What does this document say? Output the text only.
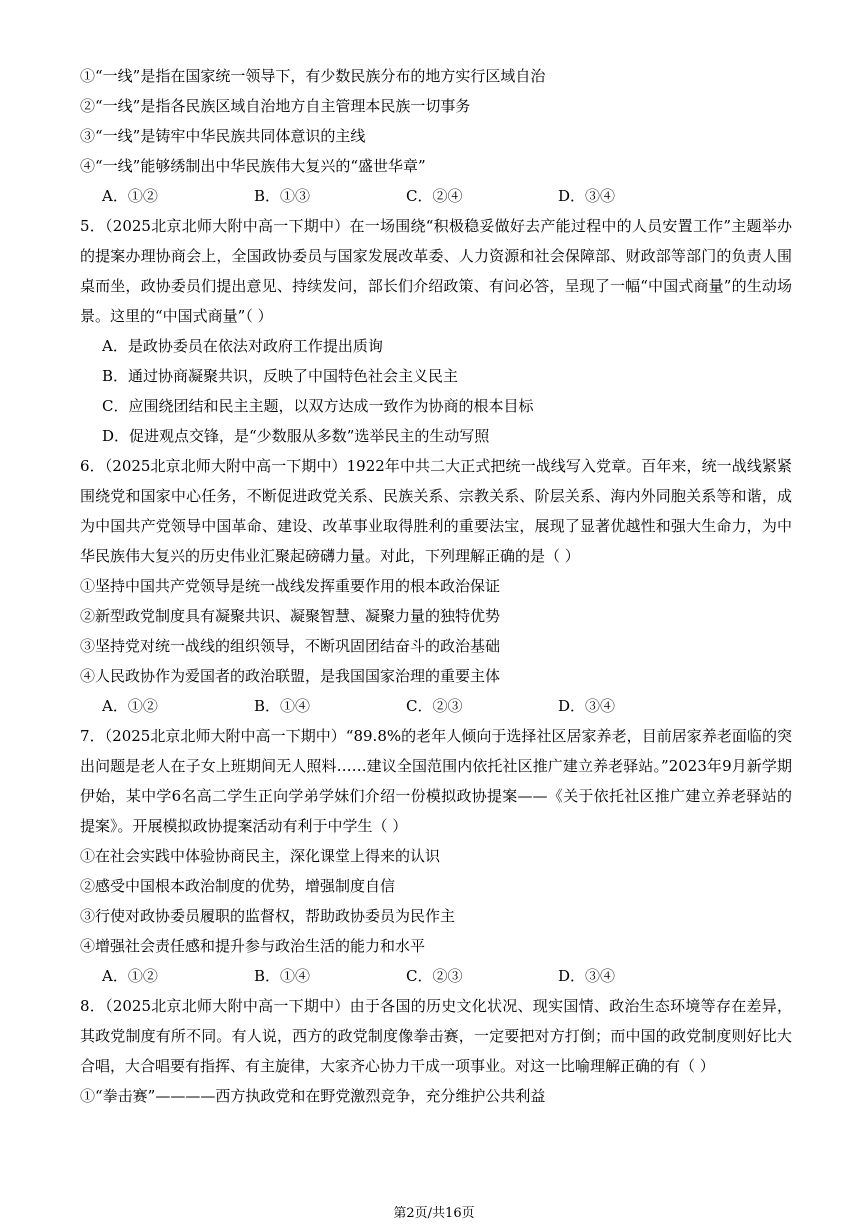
①“一线”是指在国家统一领导下，有少数民族分布的地方实行区域自治
②“一线”是指各民族区域自治地方自主管理本民族一切事务
③“一线”是铸牢中华民族共同体意识的主线
④“一线”能够绣制出中华民族伟大复兴的“盛世华章”
A．①②	B．①③	C．②④	D．③④
5．（2025北京北师大附中高一下期中）在一场围绕“积极稳妥做好去产能过程中的人员安置工作”主题举办的提案办理协商会上，全国政协委员与国家发展改革委、人力资源和社会保障部、财政部等部门的负责人围桌而坐，政协委员们提出意见、持续发问，部长们介绍政策、有问必答，呈现了一幅“中国式商量”的生动场景。这里的“中国式商量”（ ）
A．是政协委员在依法对政府工作提出质询
B．通过协商凝聚共识，反映了中国特色社会主义民主
C．应围绕团结和民主主题，以双方达成一致作为协商的根本目标
D．促进观点交锋，是“少数服从多数”选举民主的生动写照
6．（2025北京北师大附中高一下期中）1922年中共二大正式把统一战线写入党章。百年来，统一战线紧紧围绕党和国家中心任务，不断促进政党关系、民族关系、宗教关系、阶层关系、海内外同胞关系等和谐，成为中国共产党领导中国革命、建设、改革事业取得胜利的重要法宝，展现了显著优越性和强大生命力，为中华民族伟大复兴的历史伟业汇聚起磅礴力量。对此，下列理解正确的是（ ）
①坚持中国共产党领导是统一战线发挥重要作用的根本政治保证
②新型政党制度具有凝聚共识、凝聚智慧、凝聚力量的独特优势
③坚持党对统一战线的组织领导，不断巩固团结奋斗的政治基础
④人民政协作为爱国者的政治联盟，是我国国家治理的重要主体
A．①②	B．①④	C．②③	D．③④
7．（2025北京北师大附中高一下期中）“89.8%的老年人倾向于选择社区居家养老，目前居家养老面临的突出问题是老人在子女上班期间无人照料……建议全国范围内依托社区推广建立养老驿站。”2023年9月新学期伊始，某中学6名高二学生正向学弟学妹们介绍一份模拟政协提案——《关于依托社区推广建立养老驿站的提案》。开展模拟政协提案活动有利于中学生（ ）
①在社会实践中体验协商民主，深化课堂上得来的认识
②感受中国根本政治制度的优势，增强制度自信
③行使对政协委员履职的监督权，帮助政协委员为民作主
④增强社会责任感和提升参与政治生活的能力和水平
A．①②	B．①④	C．②③	D．③④
8．（2025北京北师大附中高一下期中）由于各国的历史文化状况、现实国情、政治生态环境等存在差异，其政党制度有所不同。有人说，西方的政党制度像拳击赛，一定要把对方打倒；而中国的政党制度则好比大合唱，大合唱要有指挥、有主旋律，大家齐心协力干成一项事业。对这一比喻理解正确的有（ ）
①“拳击赛”————西方执政党和在野党激烈竞争，充分维护公共利益
第2页/共16页
